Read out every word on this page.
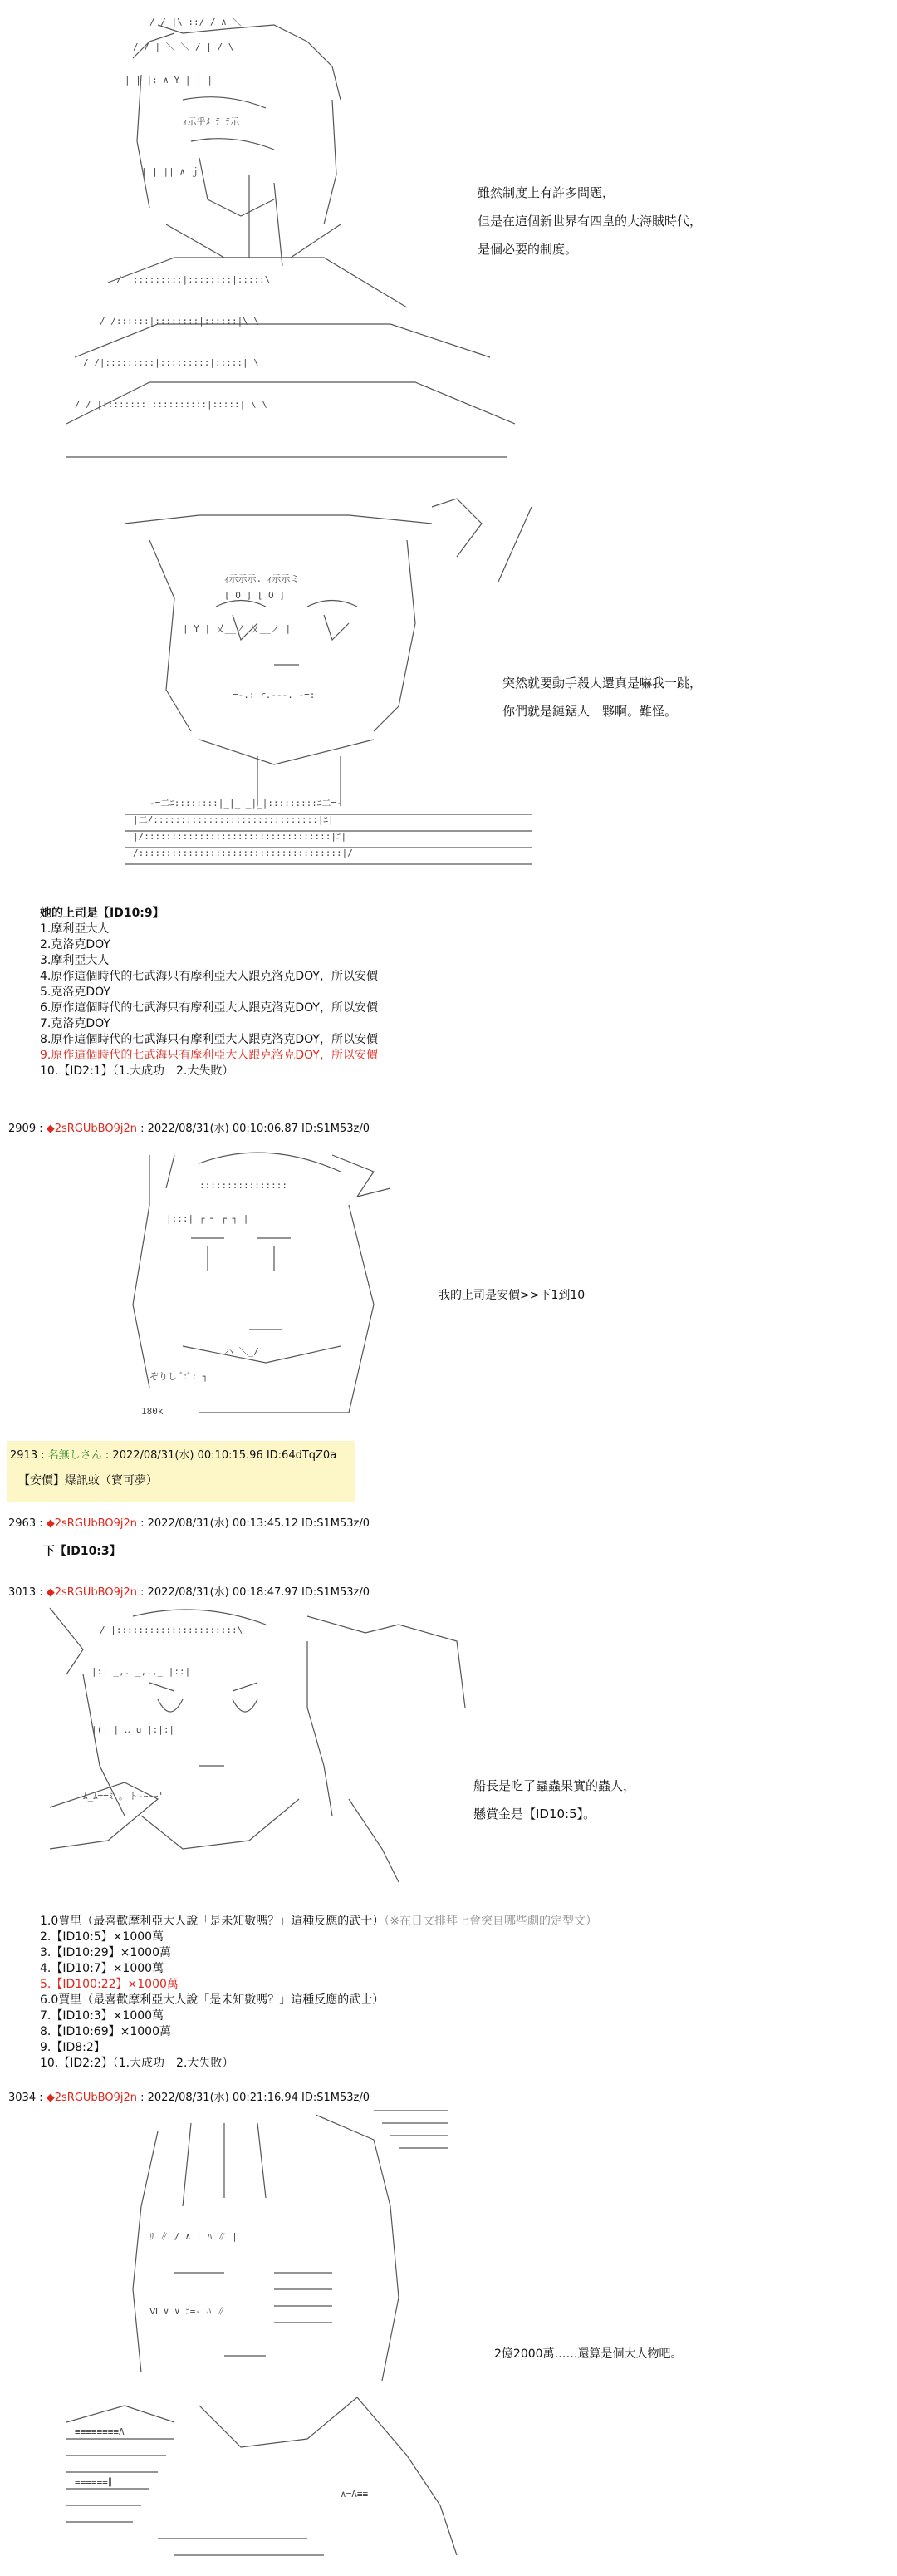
/ / |\ ::/ / ∧ ＼
/ / | ＼ ＼ / | / \
| | |: ∧ Y | | |
ｨ示乎ﾒ ﾃ'ﾃ示
| | || ∧ ｊ |
/ |:::::::::|::::::::|:::::\
/ /::::::|::::::::|::::::|\ \
/ /|:::::::::|:::::::::|:::::| \
/ / |::::::::|::::::::::|:::::| \ \

雖然制度上有許多問題，
但是在這個新世界有四皇的大海賊時代，
是個必要的制度。

ｨ示示示. ｨ示示ミ
[ O ] [ O ]
| Y | 乂__ノ 乂__ノ |
=-.: r.---. -=:
-=二ﾆ::::::::|_|_|_|_|:::::::::ﾆ二=-
|二/::::::::::::::::::::::::::::::|ﾆ|
|/::::::::::::::::::::::::::::::::::|ﾆ|
/:::::::::::::::::::::::::::::::::::::|/

突然就要動手殺人還真是嚇我一跳，
你們就是鏈鋸人一夥啊。難怪。
她的上司是【ID10:9】
1.摩利亞大人
2.克洛克DOY
3.摩利亞大人
4.原作這個時代的七武海只有摩利亞大人跟克洛克DOY，所以安價
5.克洛克DOY
6.原作這個時代的七武海只有摩利亞大人跟克洛克DOY，所以安價
7.克洛克DOY
8.原作這個時代的七武海只有摩利亞大人跟克洛克DOY，所以安價
9.原作這個時代的七武海只有摩利亞大人跟克洛克DOY，所以安價
10.【ID2:1】（1.大成功　2.大失敗）
2909 : ◆2sRGUbBO9j2n : 2022/08/31(水) 00:10:06.87 ID:S1M53z/0

::::::::::::::::
|:::| ┌ ┐ ┌ ┐ |
ハ ＼_/
ぞりし ﾞ:ﾞ: ┐
180k

我的上司是安價>>下1到10
2913 : 名無しさん : 2022/08/31(水) 00:10:15.96 ID:64dTqZ0a
【安價】爆訊蚊（寶可夢）
2963 : ◆2sRGUbBO9j2n : 2022/08/31(水) 00:13:45.12 ID:S1M53z/0
下【ID10:3】
3013 : ◆2sRGUbBO9j2n : 2022/08/31(水) 00:18:47.97 ID:S1M53z/0

/ |::::::::::::::::::::::\
|:| _,. _,.,_ |::|
|(| | ‥ u |:|:|
ﾑ_ﾑ==ﾐ ｡ ト‐ｰ‐ｰ'

船長是吃了蟲蟲果實的蟲人，
懸賞金是【ID10:5】。
1.0賈里（最喜歡摩利亞大人說「是未知數嗎？」這種反應的武士）（※在日文排拜上會突自哪些劇的定型文）
2.【ID10:5】×1000萬
3.【ID10:29】×1000萬
4.【ID10:7】×1000萬
5.【ID100:22】×1000萬
6.0賈里（最喜歡摩利亞大人說「是未知數嗎？」這種反應的武士）
7.【ID10:3】×1000萬
8.【ID10:69】×1000萬
9.【ID8:2】
10.【ID2:2】（1.大成功　2.大失敗）
3034 : ◆2sRGUbBO9j2n : 2022/08/31(水) 00:21:16.94 ID:S1M53z/0

ﾘ ∥ / ∧ | ﾊ ∥ |
Ⅵ ∨ ∨ ﾆ=- ﾊ ∥
≡≡≡≡≡≡≡≡Λ
≡≡≡≡≡≡∥
∧=Λ≡≡

2億2000萬……還算是個大人物吧。
